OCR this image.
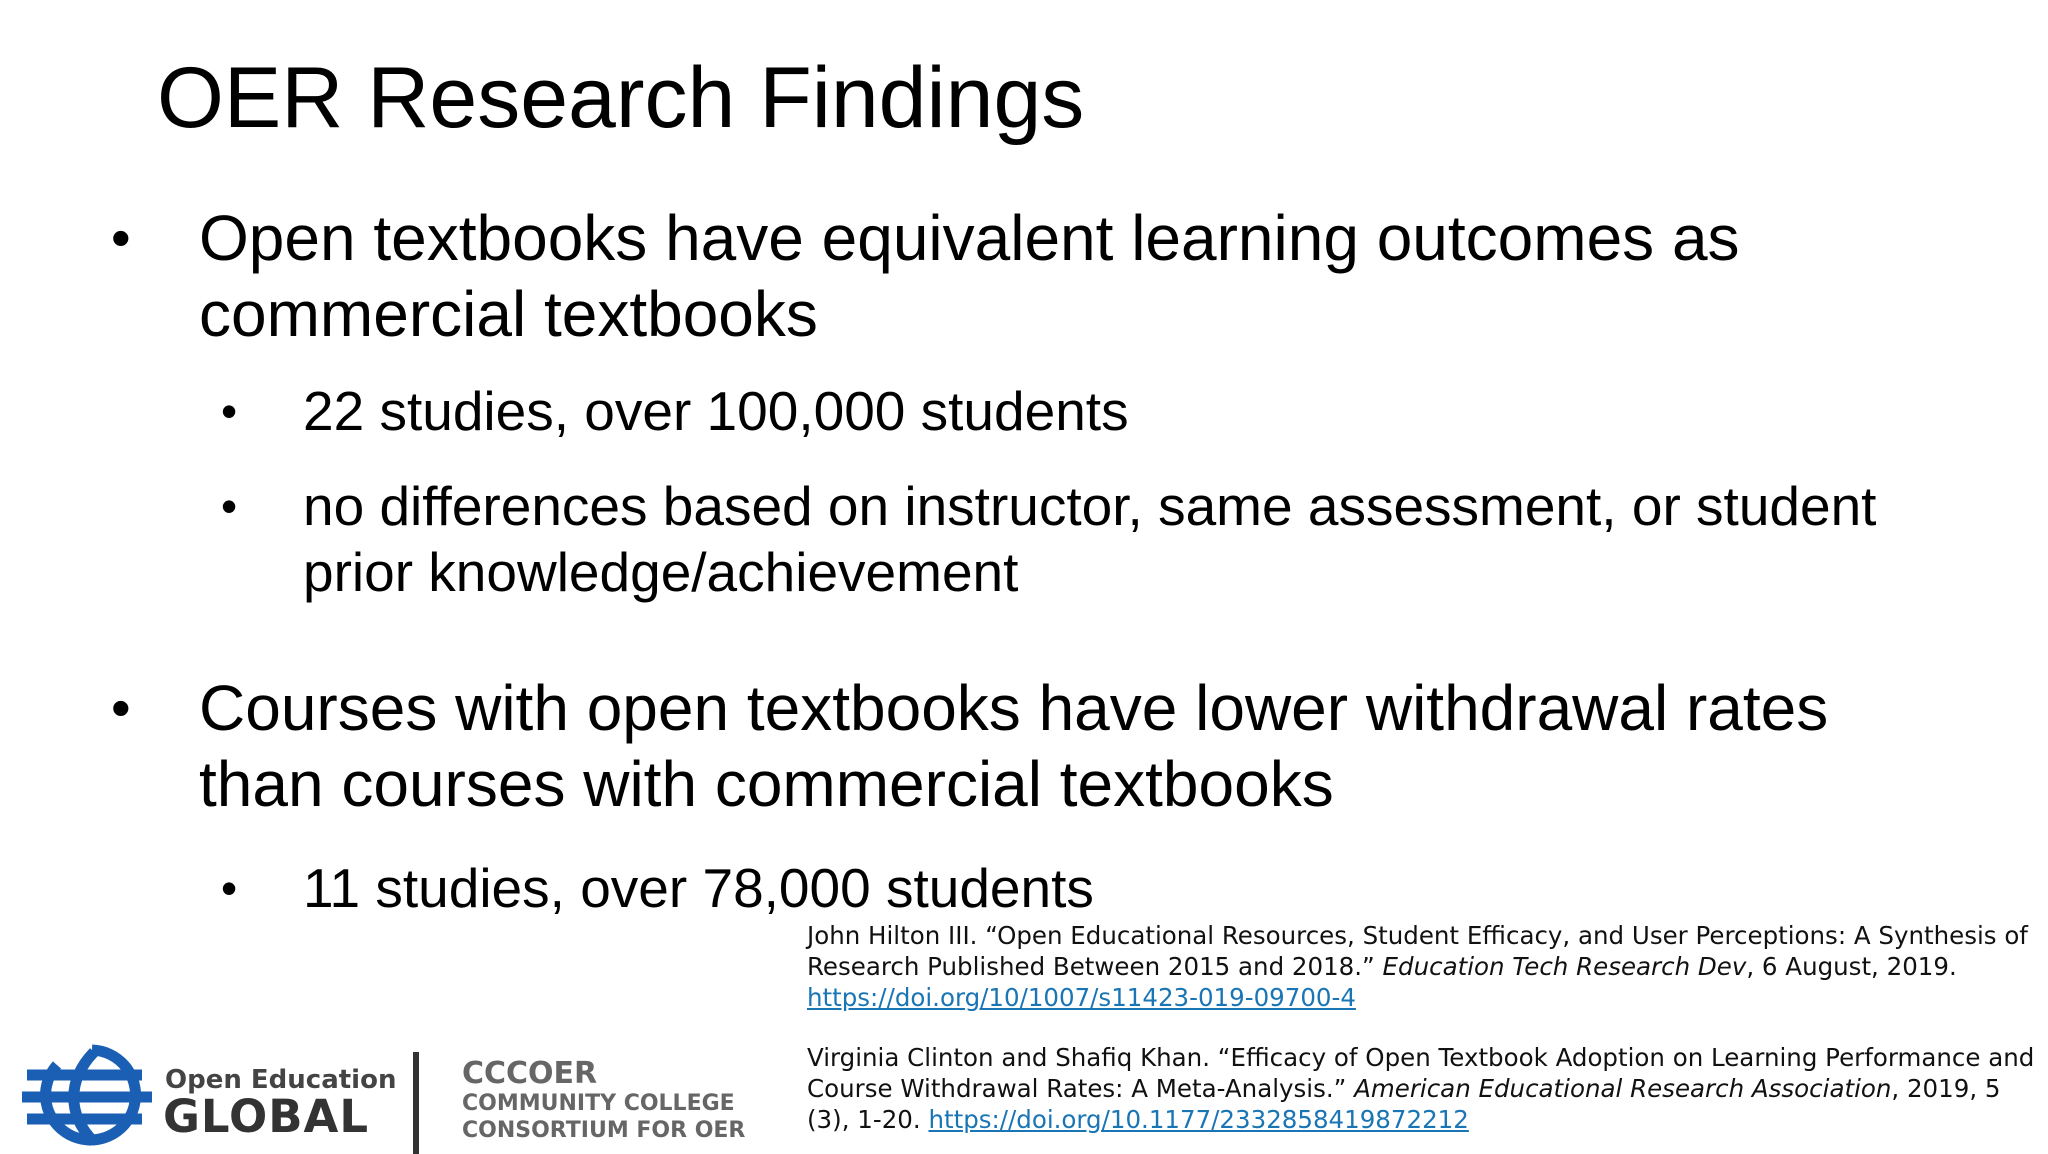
OER Research Findings
• Open textbooks have equivalent learning outcomes as commercial textbooks
• 22 studies, over 100,000 students
• no differences based on instructor, same assessment, or student prior knowledge/achievement
• Courses with open textbooks have lower withdrawal rates than courses with commercial textbooks
• 11 studies, over 78,000 students

John Hilton III. “Open Educational Resources, Student Efficacy, and User Perceptions: A Synthesis of Research Published Between 2015 and 2018.” Education Tech Research Dev, 6 August, 2019.
https://doi.org/10/1007/s11423-019-09700-4

Virginia Clinton and Shafiq Khan. “Efficacy of Open Textbook Adoption on Learning Performance and Course Withdrawal Rates: A Meta-Analysis.” American Educational Research Association, 2019, 5 (3), 1-20. https://doi.org/10.1177/2332858419872212

Open Education
GLOBAL
CCCOER
COMMUNITY COLLEGE
CONSORTIUM FOR OER
